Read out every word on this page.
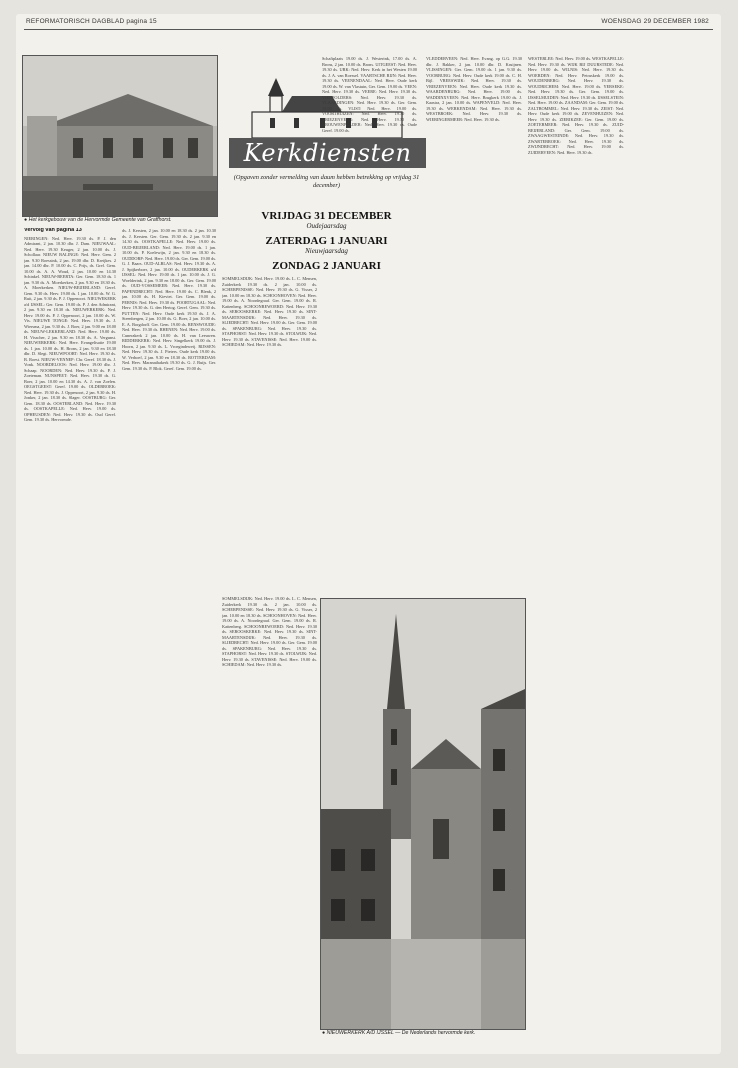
REFORMATORISCH DAGBLAD pagina 15	WOENSDAG 29 DECEMBER 1982
● Het kerkgebouw van de Hervormde Gemeente van Graffhorst.
Kerkdiensten
(Opgaven zonder vermelding van daum hebben betrekking op vrijdag 31 december)
VRIJDAG 31 DECEMBER
Oudejaarsdag
ZATERDAG 1 JANUARI
Nieuwjaarsdag
ZONDAG 2 JANUARI
Vervolg van pagina 13

NIERINGEN: Ned. Herv. 19.30 ds. P. J. den Admirant, 2 jan. 10.30 dhr. J. Dam. NIEUWAAL: Ned. Herv. 19.30 Keuger, 2 jan. 10.00 ds. J. Schollaar. NIEUW BALINGE: Ned. Herv. Gem. 2 jan. 9.30 Roessink, 2 jan. 19.00 dhr. D. Kreijkes. 2 jan. 14.00 dhr. P. 10.00 ds. C. Prijs, ds. Gref. Gem. 10.00 ds. A. A. Woud, 2 jan. 10.00 en 14.30 Schinkel. NIEUW-BEERTA: Ger. Gem. 18.30 ds. 1 jan. 9.30 ds. A. Moerkerken, 2 jan. 9.30 en 18.30 ds. A. Moerkerken. NIEUW-BEIJERLAND: Geref. Gem. 9.30 ds. Herv. 19.00 ds. 1 jan. 10.00 ds. W. G. Ruit, 2 jan. 9.30 ds. P. J. Oppenoort. NIEUWEKERK a/d IJSSEL: Ger. Gem. 19.00 ds. P. J. den Admirant, 2 jan. 9.30 en 18.30 ds. NIEUWERKERK: Ned. Herv. 19.00 ds. P. J. Oppenoort, 2 jan. 10.00 ds. W. Vis. NIEUWE TONGE: Ned. Herv. 19.30 ds. J. Wiersma, 2 jan. 9.30 ds. J. Boer, 2 jan. 9.00 en 18.00 ds. NIEUW-LEKKERLAND: Ned. Herv. 19.00 ds. H. Visscher, 2 jan. 9.30 en 18.30 ds. A. Vergunst. NIEUWERKERK: Ned. Herv. Evangelisatie 19.00 ds. 1 jan. 10.00 ds. H. Brons, 2 jan. 9.30 en 18.30 dhr. D. Slegt. NIEUWPOORT: Ned. Herv. 19.30 ds. B. Roest. NIEUW-VENNEP: Chr. Geref. 18.30 ds. J. Vonk. NOORDELOOS: Ned. Herv. 19.00 dhr. J. Schaap. NOORDEN: Ned. Herv. 19.30 ds. P. J. Zoeteman. NUNSPEET: Ned. Herv. 19.30 ds. G. Boer, 2 jan. 10.00 en 14.30 ds. A. J. van Zoelen. OEGSTGEEST: Geref. 19.00 ds. OLDEBROEK: Ned. Herv. 19.30 ds. J. Oppenoort, 2 jan. 9.30 ds. H. Jonker, 2 jan. 18.30 ds. Slager. OOSTBURG: Ger. Gem. 18.30 ds. OOSTERLAND: Ned. Herv. 19.30 ds. OOSTKAPELLE: Ned. Herv. 19.00 ds. OPHEUSDEN: Ned. Herv. 19.30 ds. Oud Geref. Gem. 19.30 ds. Hervormde.

ds. J. Kersten, 2 jan. 10.00 en 18.30 ds. 2 jan. 10.30 ds. J. Kersten. Ger. Gem. 19.30 ds. 2 jan. 9.30 en 14.30 ds. OOSTKAPELLE: Ned. Herv. 19.00 ds. OUD-BEIJERLAND: Ned. Herv. 19.00 ds. 1 jan. 10.00 ds. P. Koelewijn, 2 jan. 9.30 en 18.30 ds. OUDDORP: Ned. Herv. 19.00 ds. Ger. Gem. 19.00 ds. G. J. Baars. OUD-ALBLAS: Ned. Herv. 19.30 ds. A. J. Spijkerboer, 2 jan. 10.00 ds. OUDERKERK a/d IJSSEL: Ned. Herv. 19.00 ds. 1 jan. 10.00 ds. J. G. Woelderink, 2 jan. 9.30 en 18.00 ds. Ger. Gem. 19.00 ds. OUD-VOSSEMEER: Ned. Herv. 19.30 ds. PAPENDRECHT: Ned. Herv. 19.00 ds. C. Blenk, 2 jan. 10.00 ds. H. Kieviet. Ger. Gem. 19.00 ds. PERNIS: Ned. Herv. 19.30 ds. POORTUGAAL: Ned. Herv. 19.30 ds. G. den Hertog. Geref. Gem. 19.30 ds. PUTTEN: Ned. Herv. Oude kerk 19.30 ds. J. A. Steenbergen, 2 jan. 10.00 ds. G. Boer, 2 jan. 10.00 ds. E. A. Borgdorff. Ger. Gem. 19.00 ds. RENSWOUDE: Ned. Herv. 19.30 ds. RHENEN: Ned. Herv. 19.00 ds. Cunerakerk 2 jan. 10.00 ds. H. van Leeuwen. RIDDERKERK: Ned. Herv. Singelkerk 19.00 ds. J. Hoorn, 2 jan. 9.30 ds. L. Vroegindeweij. RIJSSEN: Ned. Herv. 19.30 ds. J. Pieters. Oude kerk 19.00 ds. W. Verhoef, 2 jan. 9.30 en 18.30 ds. ROTTERDAM: Ned. Herv. Maranathakerk 19.30 ds. G. J. Buijs. Ger. Gem. 19.30 ds. P. Blok. Geref. Gem. 19.00 ds.

SOMMELSDIJK: Ned. Herv. 19.00 ds. L. C. Mensen, Zuiderkerk 19.30 ds. 2 jan. 10.00 ds. SCHERPENISSE: Ned. Herv. 19.30 ds. G. Visser, 2 jan. 10.00 en 18.30 ds. SCHOONHOVEN: Ned. Herv. 19.00 ds. A. Noordegraaf. Ger. Gem. 19.00 ds. R. Kattenberg. SCHOONREWOERD: Ned. Herv. 19.30 ds. SEROOSKERKE: Ned. Herv. 19.30 ds. SINT-MAARTENSDIJK: Ned. Herv. 19.30 ds. SLIEDRECHT: Ned. Herv. 19.00 ds. Ger. Gem. 19.00 ds. SPAKENBURG: Ned. Herv. 19.30 ds. STAPHORST: Ned. Herv. 19.30 ds. STOLWIJK: Ned. Herv. 19.30 ds. STAVENISSE: Ned. Herv. 19.00 ds. SCHIEDAM: Ned. Herv. 19.30 ds.

Schaftplaats 19.00 ds. J. Westerink, 17.00 ds. A. Brons, 2 jan. 10.00 ds. Brons. UITGEEST: Ned. Herv. 19.30 ds. URK: Ned. Herv. Kerk in het Westen 19.00 ds. J. A. van Roessel. VAARTSCHE RIJN: Ned. Herv. 19.30 ds. VEENENDAAL: Ned. Herv. Oude kerk 19.00 ds. W. van Vlastuin, Ger. Gem. 19.00 ds. VEEN: Ned. Herv. 19.30 ds. VEERE: Ned. Herv. 19.30 ds. VIERPOLDERS: Ned. Herv. 19.30 ds. VLAARDINGEN: Ned. Herv. 19.30 ds. Ger. Gem. 19.00 ds. VLIST: Ned. Herv. 19.00 ds. VOORTHUIZEN: Ned. Herv. 19.30 ds. VRIEZENVEEN: Ned. Herv. 19.30 ds. VROUWENPOLDER: Ned. Herv. 19.30 ds. Oude Geref. 19.00 ds.

VLEDDERVEEN: Ned. Herv. Evang. op G.G. 19.30 dhr. J. Bakker, 2 jan. 10.00 dhr. D. Kruijnen. VLISSINGEN: Ger. Gem. 19.00 ds. 1 jan. 9.30 ds. VOORBURG: Ned. Herv. Oude kerk 19.00 ds. C. H. Bijl. VREESWIJK: Ned. Herv. 19.30 ds. VRIEZENVEEN: Ned. Herv. Oude kerk 19.30 ds. WAARDENBURG: Ned. Herv. 19.00 ds. WADDINXVEEN: Ned. Herv. Brugkerk 19.00 ds. J. Kaastra, 2 jan. 10.00 ds. WAPENVELD: Ned. Herv. 19.30 ds. WERKENDAM: Ned. Herv. 19.30 ds. WESTBROEK: Ned. Herv. 19.30 ds. WIERINGERMEER: Ned. Herv. 19.30 ds.

WESTERLEE: Ned. Herv. 19.00 ds. WESTKAPELLE: Ned. Herv. 19.30 ds. WIJK BIJ DUURSTEDE: Ned. Herv. 19.00 ds. WILNIS: Ned. Herv. 19.30 ds. WOERDEN: Ned. Herv. Petruskerk 19.00 ds. WOUDENBERG: Ned. Herv. 19.30 ds. WOUDRICHEM: Ned. Herv. 19.00 ds. YERSEKE: Ned. Herv. 19.30 ds. Ger. Gem. 19.00 ds. IJSSELMUIDEN: Ned. Herv. 19.30 ds. IJSSELSTEIN: Ned. Herv. 19.00 ds. ZAANDAM: Ger. Gem. 19.00 ds. ZALTBOMMEL: Ned. Herv. 19.30 ds. ZEIST: Ned. Herv. Oude kerk 19.00 ds. ZEVENHUIZEN: Ned. Herv. 19.30 ds. ZIERIKZEE: Ger. Gem. 19.00 ds. ZOETERMEER: Ned. Herv. 19.30 ds. ZUID-BEIJERLAND: Ger. Gem. 19.00 ds. ZWAAGWESTEINDE: Ned. Herv. 19.30 ds. ZWARTEBROEK: Ned. Herv. 19.30 ds. ZWIJNDRECHT: Ned. Herv. 19.00 ds. ZUIDERVEEN: Ned. Herv. 19.30 ds.

SOMMELSDIJK: Ned. Herv. 19.00 ds. L. C. Mensen, Zuiderkerk 19.30 ds. 2 jan. 10.00 ds. SCHERPENISSE: Ned. Herv. 19.30 ds. G. Visser, 2 jan. 10.00 en 18.30 ds. SCHOONHOVEN: Ned. Herv. 19.00 ds. A. Noordegraaf. Ger. Gem. 19.00 ds. R. Kattenberg. SCHOONREWOERD: Ned. Herv. 19.30 ds. SEROOSKERKE: Ned. Herv. 19.30 ds. SINT-MAARTENSDIJK: Ned. Herv. 19.30 ds. SLIEDRECHT: Ned. Herv. 19.00 ds. Ger. Gem. 19.00 ds. SPAKENBURG: Ned. Herv. 19.30 ds. STAPHORST: Ned. Herv. 19.30 ds. STOLWIJK: Ned. Herv. 19.30 ds. STAVENISSE: Ned. Herv. 19.00 ds. SCHIEDAM: Ned. Herv. 19.30 ds.

● NIEUWERKERK A/D IJSSEL — De Nederlands hervormde kerk.
